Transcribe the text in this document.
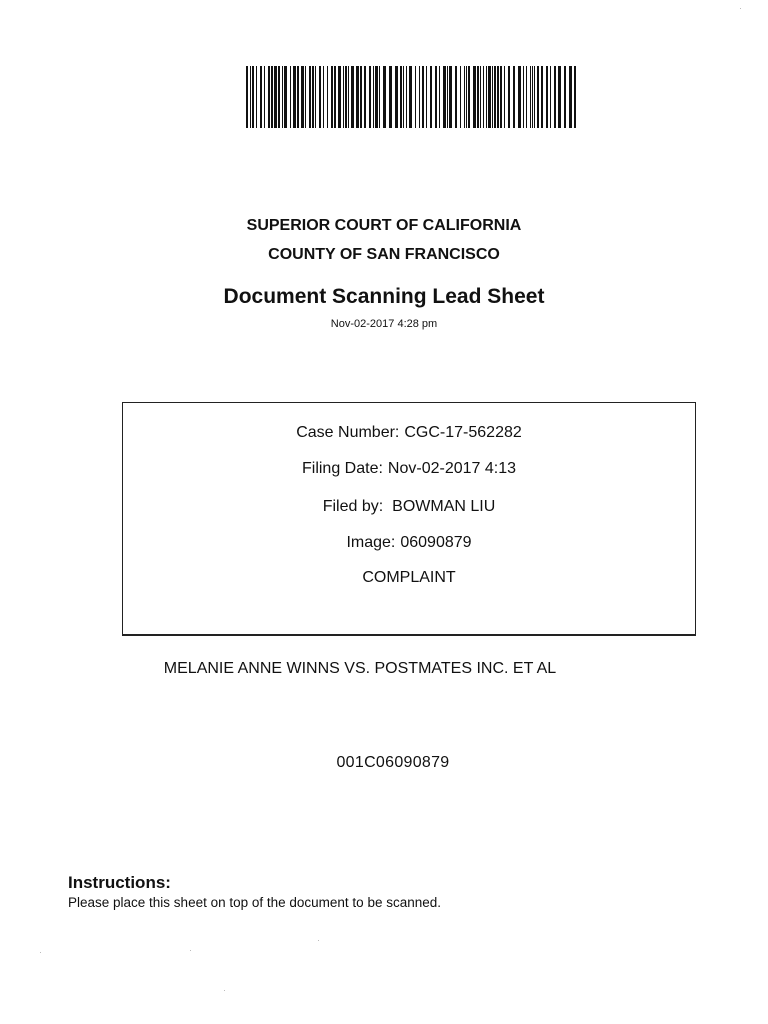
SUPERIOR COURT OF CALIFORNIA
COUNTY OF SAN FRANCISCO
Document Scanning Lead Sheet
Nov-02-2017 4:28 pm
Case Number: CGC-17-562282
Filing Date: Nov-02-2017 4:13
Filed by: BOWMAN LIU
Image: 06090879
COMPLAINT
MELANIE ANNE WINNS VS. POSTMATES INC. ET AL
001C06090879
Instructions:
Please place this sheet on top of the document to be scanned.
